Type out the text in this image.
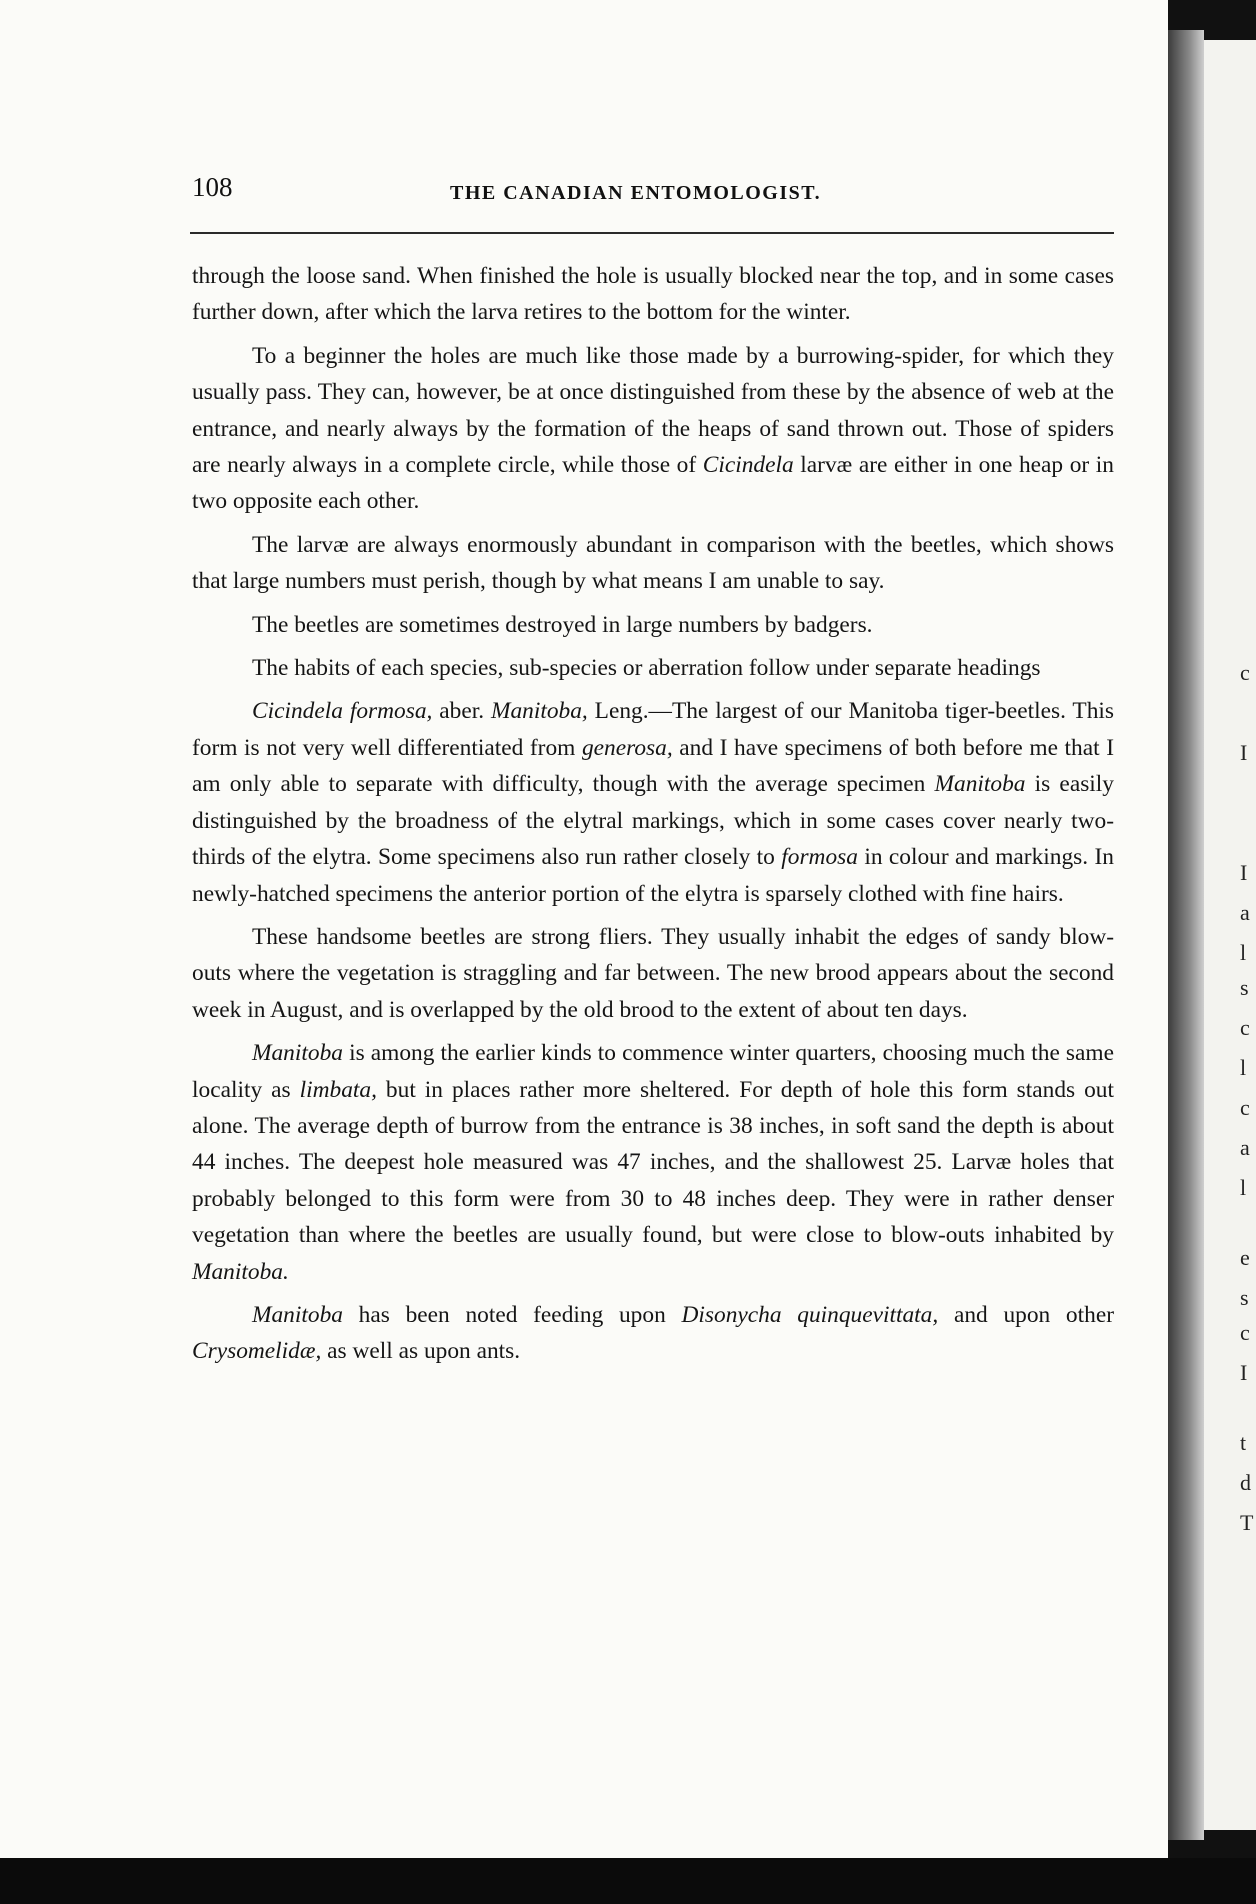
108	THE CANADIAN ENTOMOLOGIST.

through the loose sand. When finished the hole is usually blocked near the top, and in some cases further down, after which the larva retires to the bottom for the winter.

To a beginner the holes are much like those made by a burrowing-spider, for which they usually pass. They can, however, be at once distinguished from these by the absence of web at the entrance, and nearly always by the formation of the heaps of sand thrown out. Those of spiders are nearly always in a complete circle, while those of Cicindela larvæ are either in one heap or in two opposite each other.

The larvæ are always enormously abundant in comparison with the beetles, which shows that large numbers must perish, though by what means I am unable to say.

The beetles are sometimes destroyed in large numbers by badgers.

The habits of each species, sub-species or aberration follow under separate headings

Cicindela formosa, aber. Manitoba, Leng.—The largest of our Manitoba tiger-beetles. This form is not very well differentiated from generosa, and I have specimens of both before me that I am only able to separate with difficulty, though with the average specimen Manitoba is easily distinguished by the broadness of the elytral markings, which in some cases cover nearly two-thirds of the elytra. Some specimens also run rather closely to formosa in colour and markings. In newly-hatched specimens the anterior portion of the elytra is sparsely clothed with fine hairs.

These handsome beetles are strong fliers. They usually inhabit the edges of sandy blow-outs where the vegetation is straggling and far between. The new brood appears about the second week in August, and is overlapped by the old brood to the extent of about ten days.

Manitoba is among the earlier kinds to commence winter quarters, choosing much the same locality as limbata, but in places rather more sheltered. For depth of hole this form stands out alone. The average depth of burrow from the entrance is 38 inches, in soft sand the depth is about 44 inches. The deepest hole measured was 47 inches, and the shallowest 25. Larvæ holes that probably belonged to this form were from 30 to 48 inches deep. They were in rather denser vegetation than where the beetles are usually found, but were close to blow-outs inhabited by Manitoba.

Manitoba has been noted feeding upon Disonycha quinquevittata, and upon other Crysomelidæ, as well as upon ants.

c
I
I
a
l
s
c
l
c
a
l
e
s
c
I
t
d
T
